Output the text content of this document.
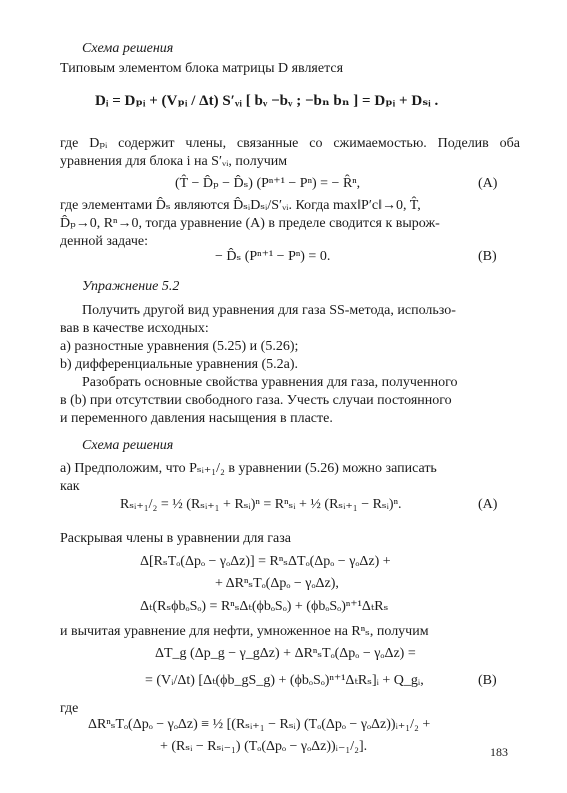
Схема решения
Типовым элементом блока матрицы D является
Dᵢ = Dₚᵢ + (Vₚᵢ / Δt) S′ᵥᵢ [ bᵥ −bᵥ ; −bₙ bₙ ] = Dₚᵢ + Dₛᵢ .
где Dₚᵢ содержит члены, связанные со сжимаемостью. Поделив оба
уравнения для блока i на S′ᵥᵢ, получим
(T̂ − D̂ₚ − D̂ₛ) (Pⁿ⁺¹ − Pⁿ) = − R̂ⁿ,	(A)
где элементами D̂ₛ являются D̂ₛᵢDₛᵢ/S′ᵥᵢ. Когда max‖P′c‖→0, T̂,
D̂ₚ→0, Rⁿ→0, тогда уравнение (A) в пределе сводится к вырож-
денной задаче:
− D̂ₛ (Pⁿ⁺¹ − Pⁿ) = 0.	(B)
Упражнение 5.2
Получить другой вид уравнения для газа SS-метода, использо-
вав в качестве исходных:
а) разностные уравнения (5.25) и (5.26);
b) дифференциальные уравнения (5.2а).
Разобрать основные свойства уравнения для газа, полученного
в (b) при отсутствии свободного газа. Учесть случаи постоянного
и переменного давления насыщения в пласте.
Схема решения
а) Предположим, что Pₛᵢ₊₁/₂ в уравнении (5.26) можно записать
как
Rₛᵢ₊₁/₂ = ½ (Rₛᵢ₊₁ + Rₛᵢ)ⁿ = Rⁿₛᵢ + ½ (Rₛᵢ₊₁ − Rₛᵢ)ⁿ.	(A)
Раскрывая члены в уравнении для газа
Δ[RₛTₒ(Δpₒ − γₒΔz)] = RⁿₛΔTₒ(Δpₒ − γₒΔz) +
+ ΔRⁿₛTₒ(Δpₒ − γₒΔz),
Δₜ(RₛϕbₒSₒ) = RⁿₛΔₜ(ϕbₒSₒ) + (ϕbₒSₒ)ⁿ⁺¹ΔₜRₛ
и вычитая уравнение для нефти, умноженное на Rⁿₛ, получим
ΔT_g (Δp_g − γ_gΔz) + ΔRⁿₛTₒ(Δpₒ − γₒΔz) =
= (Vᵢ/Δt) [Δₜ(ϕb_gS_g) + (ϕbₒSₒ)ⁿ⁺¹ΔₜRₛ]ᵢ + Q_gᵢ,	(B)
где
ΔRⁿₛTₒ(Δpₒ − γₒΔz) ≡ ½ [(Rₛᵢ₊₁ − Rₛᵢ) (Tₒ(Δpₒ − γₒΔz))ᵢ₊₁/₂ +
+ (Rₛᵢ − Rₛᵢ₋₁) (Tₒ(Δpₒ − γₒΔz))ᵢ₋₁/₂].	183
